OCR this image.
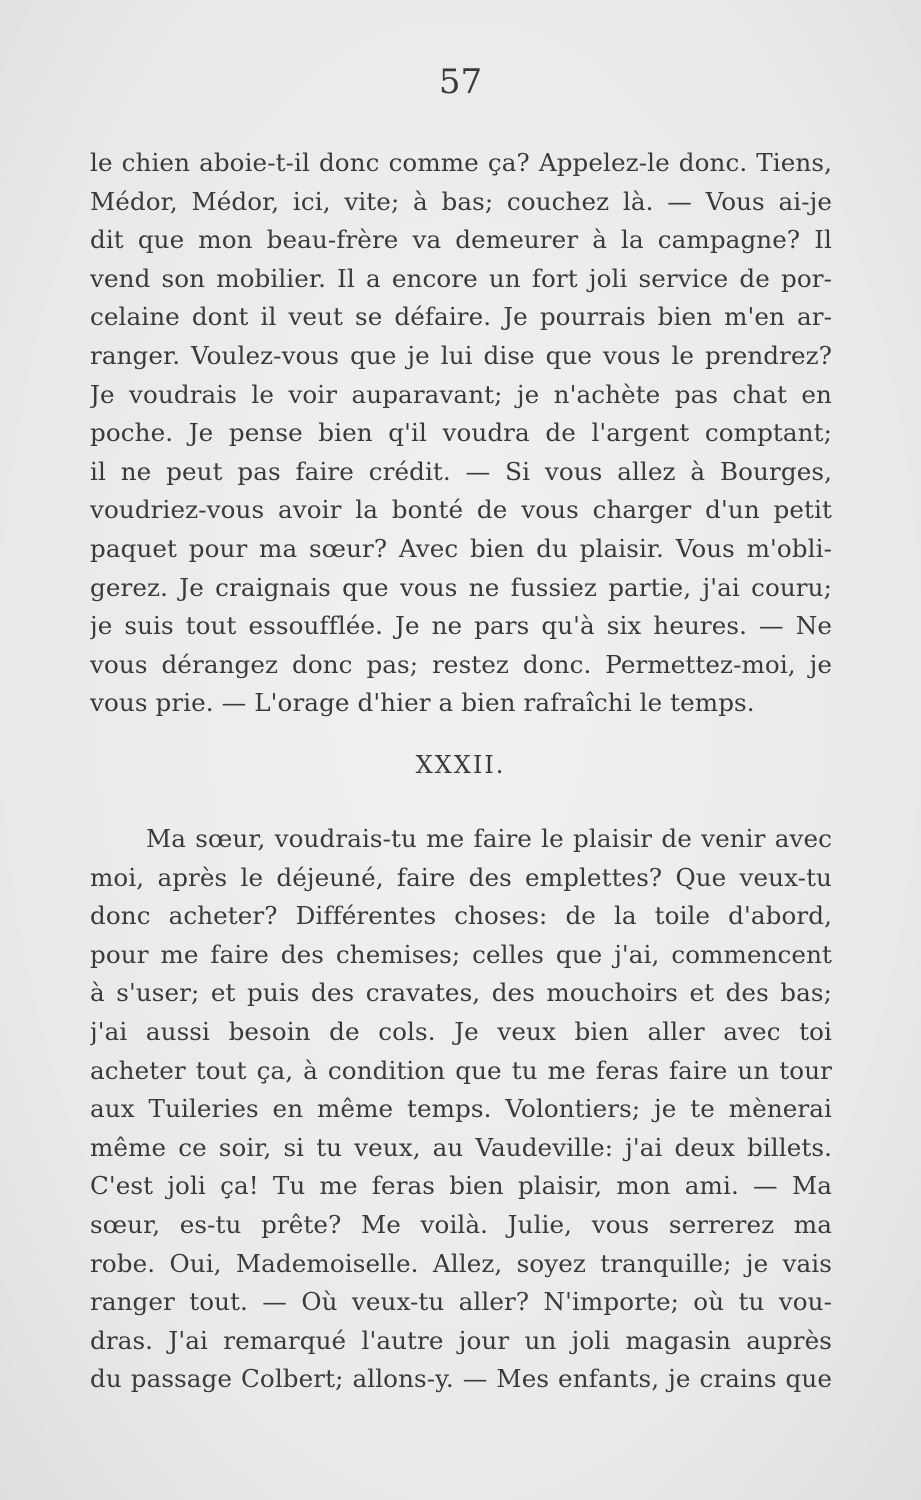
57
le chien aboie-t-il donc comme ça? Appelez-le donc. Tiens,
Médor, Médor, ici, vite; à bas; couchez là. — Vous ai-je
dit que mon beau-frère va demeurer à la campagne? Il
vend son mobilier. Il a encore un fort joli service de por-
celaine dont il veut se défaire. Je pourrais bien m'en ar-
ranger. Voulez-vous que je lui dise que vous le prendrez?
Je voudrais le voir auparavant; je n'achète pas chat en
poche. Je pense bien q'il voudra de l'argent comptant;
il ne peut pas faire crédit. — Si vous allez à Bourges,
voudriez-vous avoir la bonté de vous charger d'un petit
paquet pour ma sœur? Avec bien du plaisir. Vous m'obli-
gerez. Je craignais que vous ne fussiez partie, j'ai couru;
je suis tout essoufflée. Je ne pars qu'à six heures. — Ne
vous dérangez donc pas; restez donc. Permettez-moi, je
vous prie. — L'orage d'hier a bien rafraîchi le temps.
XXXII.
Ma sœur, voudrais-tu me faire le plaisir de venir avec
moi, après le déjeuné, faire des emplettes? Que veux-tu
donc acheter? Différentes choses: de la toile d'abord,
pour me faire des chemises; celles que j'ai, commencent
à s'user; et puis des cravates, des mouchoirs et des bas;
j'ai aussi besoin de cols. Je veux bien aller avec toi
acheter tout ça, à condition que tu me feras faire un tour
aux Tuileries en même temps. Volontiers; je te mènerai
même ce soir, si tu veux, au Vaudeville: j'ai deux billets.
C'est joli ça! Tu me feras bien plaisir, mon ami. — Ma
sœur, es-tu prête? Me voilà. Julie, vous serrerez ma
robe. Oui, Mademoiselle. Allez, soyez tranquille; je vais
ranger tout. — Où veux-tu aller? N'importe; où tu vou-
dras. J'ai remarqué l'autre jour un joli magasin auprès
du passage Colbert; allons-y. — Mes enfants, je crains que
